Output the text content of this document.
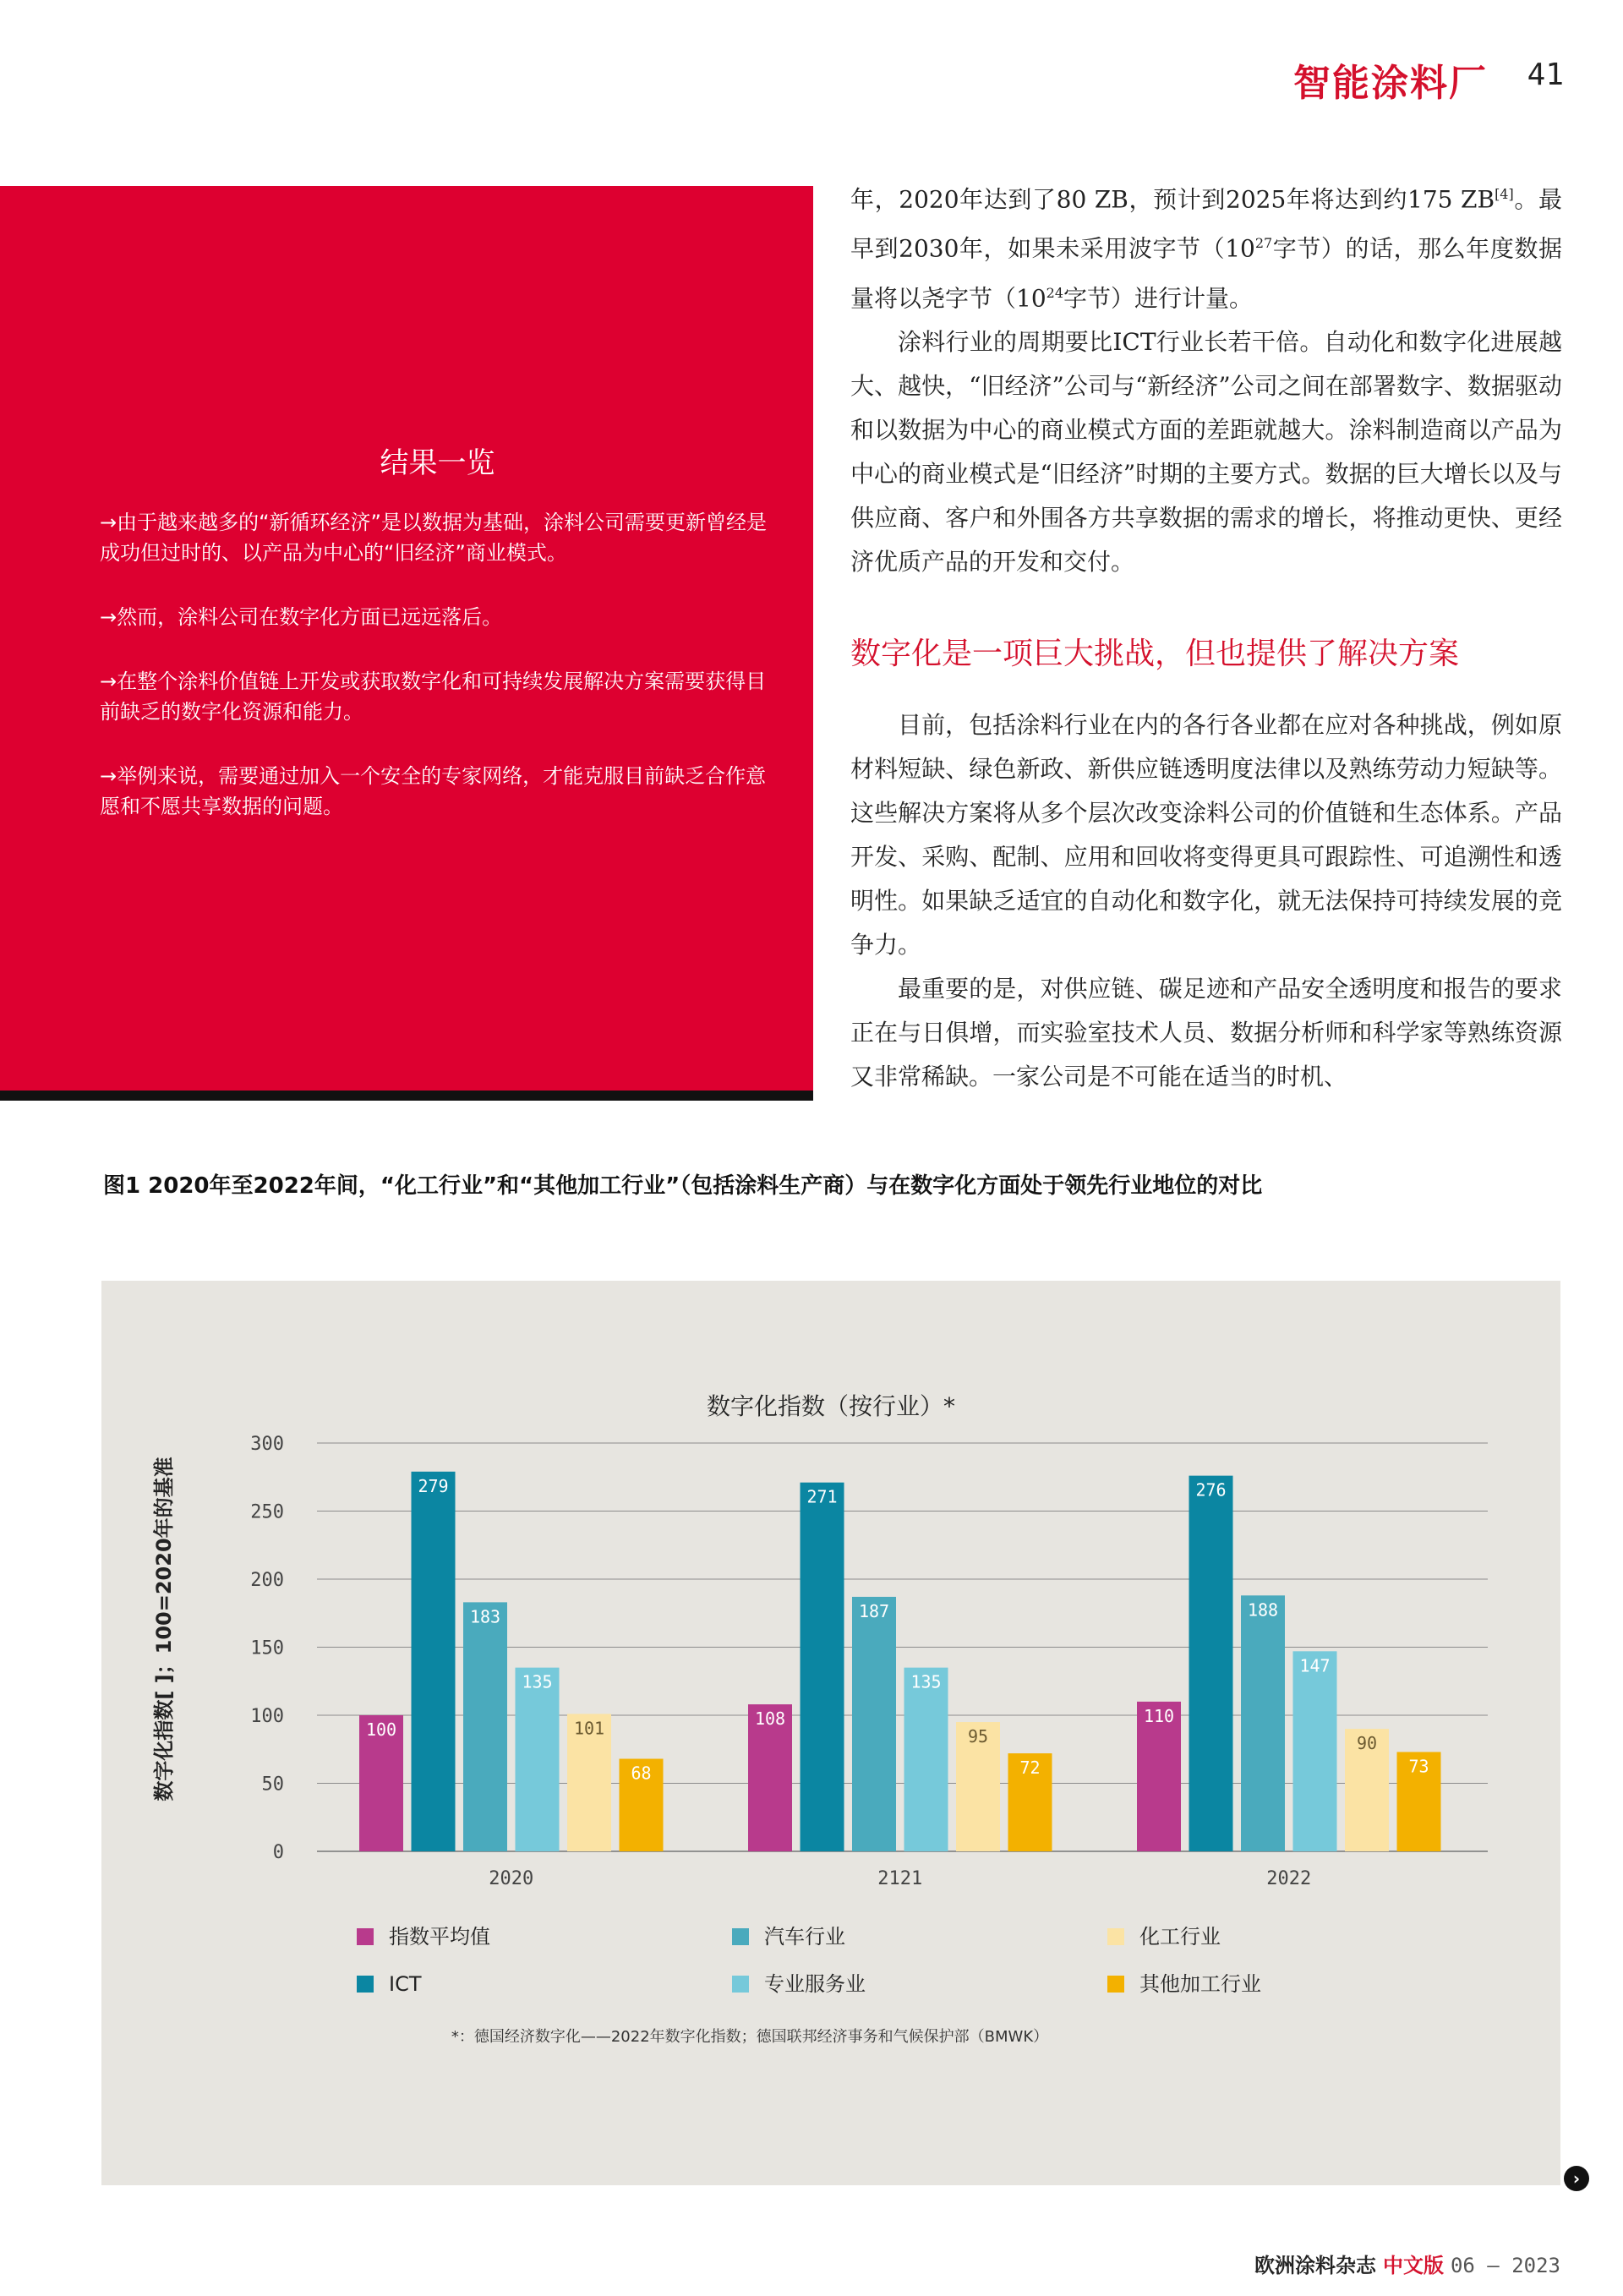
智能涂料厂 41
结果一览

→由于越来越多的“新循环经济”是以数据为基础，涂料公司需要更新曾经是成功但过时的、以产品为中心的“旧经济”商业模式。

→然而，涂料公司在数字化方面已远远落后。

→在整个涂料价值链上开发或获取数字化和可持续发展解决方案需要获得目前缺乏的数字化资源和能力。

→举例来说，需要通过加入一个安全的专家网络，才能克服目前缺乏合作意愿和不愿共享数据的问题。

年，2020年达到了80 ZB，预计到2025年将达到约175 ZB[4]。最早到2030年，如果未采用波字节（$10^{27}$字节）的话，那么年度数据量将以尧字节（$10^{24}$字节）进行计量。

涂料行业的周期要比ICT行业长若干倍。自动化和数字化进展越大、越快，“旧经济”公司与“新经济”公司之间在部署数字、数据驱动和以数据为中心的商业模式方面的差距就越大。涂料制造商以产品为中心的商业模式是“旧经济”时期的主要方式。数据的巨大增长以及与供应商、客户和外围各方共享数据的需求的增长，将推动更快、更经济优质产品的开发和交付。

数字化是一项巨大挑战，但也提供了解决方案

目前，包括涂料行业在内的各行各业都在应对各种挑战，例如原材料短缺、绿色新政、新供应链透明度法律以及熟练劳动力短缺等。这些解决方案将从多个层次改变涂料公司的价值链和生态体系。产品开发、采购、配制、应用和回收将变得更具可跟踪性、可追溯性和透明性。如果缺乏适宜的自动化和数字化，就无法保持可持续发展的竞争力。

最重要的是，对供应链、碳足迹和产品安全透明度和报告的要求正在与日俱增，而实验室技术人员、数据分析师和科学家等熟练资源又非常稀缺。一家公司是不可能在适当的时机、

图1 2020年至2022年间，“化工行业”和“其他加工行业”（包括涂料生产商）与在数字化方面处于领先行业地位的对比
数字化指数（按行业）*
数字化指数[ ]；100=2020年的基准
0
50
100
150
200
250
300
100
279
183
135
101
68
108
271
187
135
95
72
110
276
188
147
90
73
2020	2121	2022
指数平均值
ICT
汽车行业
专业服务业
化工行业
其他加工行业
*：德国经济数字化——2022年数字化指数；德国联邦经济事务和气候保护部（BMWK）
›
欧洲涂料杂志 中文版 06 – 2023
